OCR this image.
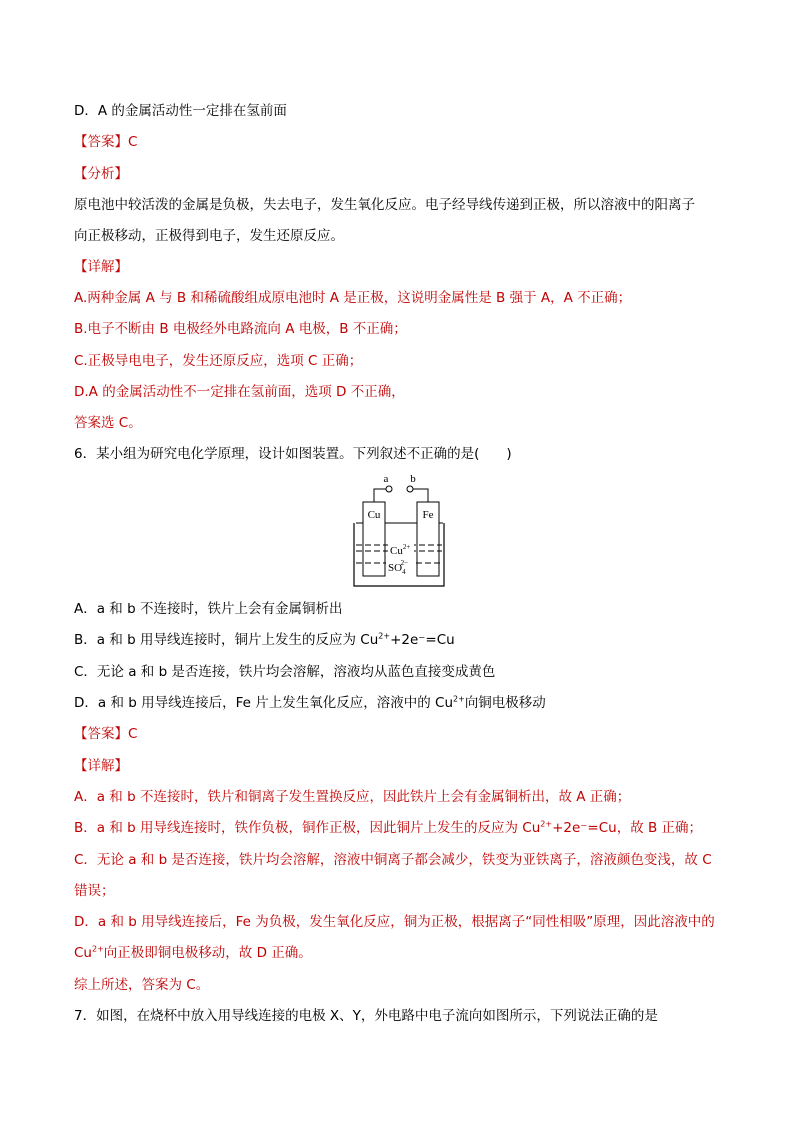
D．A 的金属活动性一定排在氢前面
【答案】C
【分析】
原电池中较活泼的金属是负极，失去电子，发生氧化反应。电子经导线传递到正极，所以溶液中的阳离子
向正极移动，正极得到电子，发生还原反应。
【详解】
A.两种金属 A 与 B 和稀硫酸组成原电池时 A 是正极，这说明金属性是 B 强于 A，A 不正确；
B.电子不断由 B 电极经外电路流向 A 电极，B 不正确；
C.正极导电电子，发生还原反应，选项 C 正确；
D.A 的金属活动性不一定排在氢前面，选项 D 不正确，
答案选 C。
6．某小组为研究电化学原理，设计如图装置。下列叙述不正确的是(　　)
a b
Cu	Fe
$Cu^{2+}$
$SO_42-$
A．a 和 b 不连接时，铁片上会有金属铜析出
B．a 和 b 用导线连接时，铜片上发生的反应为 $Cu^{2+}+2e^-=Cu$
C．无论 a 和 b 是否连接，铁片均会溶解，溶液均从蓝色直接变成黄色
D．a 和 b 用导线连接后，Fe 片上发生氧化反应，溶液中的 $Cu^{2+}$向铜电极移动
【答案】C
【详解】
A．a 和 b 不连接时，铁片和铜离子发生置换反应，因此铁片上会有金属铜析出，故 A 正确；
B．a 和 b 用导线连接时，铁作负极，铜作正极，因此铜片上发生的反应为 $Cu^{2+}+2e^-=Cu$，故 B 正确；
C．无论 a 和 b 是否连接，铁片均会溶解，溶液中铜离子都会减少，铁变为亚铁离子，溶液颜色变浅，故 C
错误；
D．a 和 b 用导线连接后，Fe 为负极，发生氧化反应，铜为正极，根据离子“同性相吸”原理，因此溶液中的
$Cu^{2+}$向正极即铜电极移动，故 D 正确。
综上所述，答案为 C。
7．如图，在烧杯中放入用导线连接的电极 X、Y，外电路中电子流向如图所示，下列说法正确的是
